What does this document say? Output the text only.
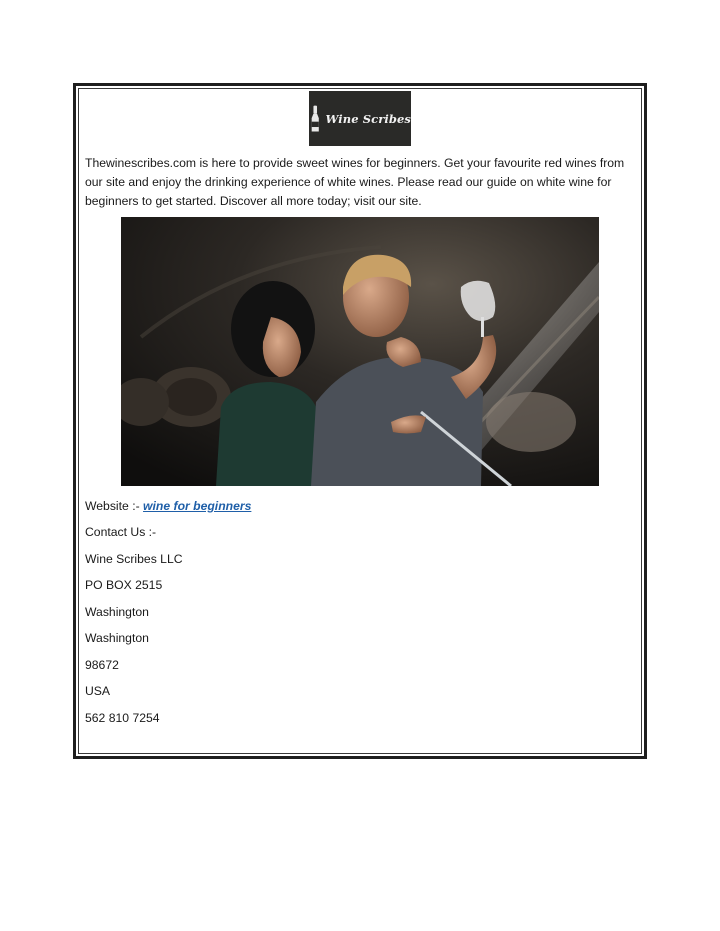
Wine Scribes

Thewinescribes.com is here to provide sweet wines for beginners. Get your favourite red wines from our site and enjoy the drinking experience of white wines. Please read our guide on white wine for beginners to get started. Discover all more today; visit our site.

Website :- wine for beginners
Contact Us :-
Wine Scribes LLC
PO BOX 2515
Washington
Washington
98672
USA
562 810 7254
